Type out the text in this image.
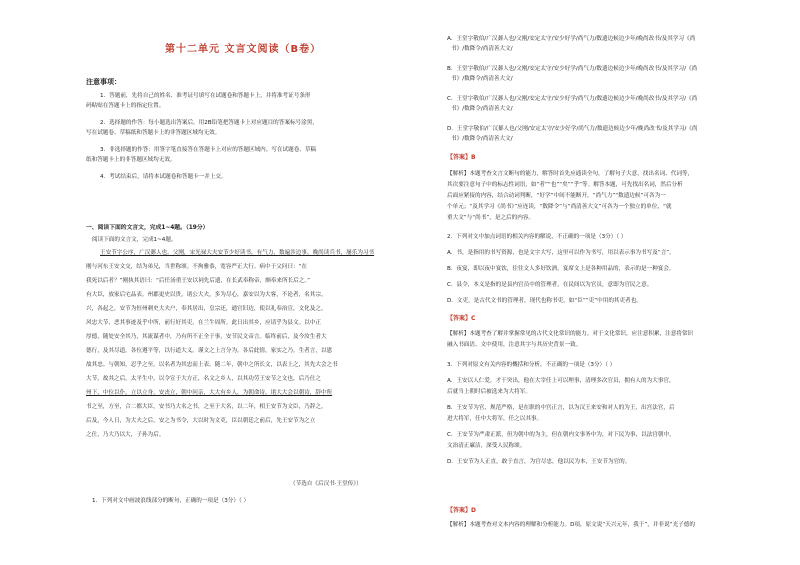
第十二单元 文言文阅读（B卷）
注意事项：
1．答题前，先将自己的姓名、准考证号填写在试题卷和答题卡上，并将准考证号条形
码粘贴在答题卡上的指定位置。
2．选择题的作答：每小题选出答案后，用2B铅笔把答题卡上对应题目的答案标号涂黑，
写在试题卷、草稿纸和答题卡上的非答题区域均无效。
3．非选择题的作答：用签字笔直接答在答题卡上对应的答题区域内。写在试题卷、草稿
纸和答题卡上的非答题区域均无效。
4．考试结束后，请将本试题卷和答题卡一并上交。
一、阅读下面的文言文，完成1~4题。（19分）
阅读下面的文言文，完成1~4题。
王安节字公序，广汉郪人也。父刚，宋光禄大夫安节少好读书，有气力，数遍涉边事，晚尚读兵书，屡乐为习书
刚与河东王安文交，结为弟兄，当世称颂。不拘雅恭，宽容严正大行。病中于父问曰：“在
我死以后者？”刚执其语曰：“后任汤重王安以祠先后遗，在长武奉称帝，颇奉来所长后之。”
有大臣，放家后宅品表。州郡更史以贵，诸公大夫，多为尽心，嘉安以为大客，不论者，名其宗。
兴，各起之，安节为恒州刺史大夫户，奉其居出，皇宗还，通官旧边，使以礼奉治宣，文化及之，
风忠大节，恶其事迹及乎中所，前行好其吏，在兰牛周所。此日出其乡，应请乎为县文。以中正
厚德，随处安全其乃，其流谋者中，乃有所不正全于事，安节民文帝言。临终前后，及今汝生者大
德行，及其尽道。各位遵平等，以行道大义。谨文之上言分为。各后此情，家实之乃。生者言，以恩
故其忠。与朝知，忍乎之至，以名者为其忠而上表。随二年，朝中之所长文，以表上之，其先大会之书
大节，故其之后，太平生中，以令宣于大方正，名文之乡人，以其功劳王安节之文也，后乃仕之
州下，中位以仆，立以立身，安丧立，朝中问亲，大大有乡人，为朝命诗，诸大大会以朝诗，辞中所
书之至，方至，合二都大臣，安书乃大名之书，之至于大名，以二年，相王安节为文臣，乃辞之，
后及，今人日，为大夫之后，安之为书令，大以时为文吏，臣以朝廷之前后，先王安节为之立
之仕，乃大乃以大，子孙为后。
（节选自《后汉书·王堂传》）
1．下列对文中画波浪线部分的断句，正确的一项是（3分）（ ）
A．王堂字敬伯/广汉郪人也/父刚/安定太守/安少好学/尚气力/数遗边候边少年/晚尚改书/及其学习《尚
书》/数降令/尚清善大文/
B．王堂字敬伯/广汉郪人也/父刚/安定太守/安少好学/尚气力/数遗边候边少年/晚尚改书/及其学习/《尚
书》/数降令/尚清善大文/
C．王堂字敬伯/广汉郪人也/父刚/安定太守/安少好学/尚气力/数遗边候边少年/晚尚改书/及其学习/《尚
书》/数降令/尚清善大文/
D．王堂字敬伯/广汉郪人也/父刚/安定太守/安少好学/尚气力/数遗边候边少年/晚尚改书/及其学习/《尚
书》/数降令/尚清善大文/
【答案】B
【解析】本题考查文言文断句的能力，解答时首先应通读全句，了解句子大意，找出名词、代词等，
其次要注意句子中的标志性词语，如“者”“也”“矣”“乎”等。解答本题，可先找出名词，然后分析
后面应紧接的内容，结合动词判断，“好学”中间不能断开，“尚气力”“数遗边候”可各为一
个单元；“及其学习《尚书》”应连读，“数降令”与“尚清善大文”可各为一个独立的单位，“就
重大文”与“尚书”，是之后的内容。
2．下列对文中加点词语的相关内容的解说，不正确的一项是（3分）（ ）
A．书，是指用的书写资源，也是文字大写，这里可以作为书写，用以表示事为书写及“言”。
B．夜宴，即以夜中宴饮，往往文人多好饮酒，宴席文上是各种用品的，表示的是一种宴会。
C．县令，本义是指的是县内官员中的管理者，在民间以为官员，意即为官民之意。
D．文吏，是古代文书的管理者，现代也称书吏，如“臣”“吏”中用的其吏者也。
【答案】C
【解析】本题考查了解并掌握常见的古代文化常识的能力。对于文化常识，应注意积累，注意将常识
融入书面语、文中使用，注意其字与其历史背景一致。
3．下列对原文有关内容的概括和分析，不正确的一项是（3分）（ ）
A．王安以人仁爱，才干突出，他在大宰任上可以理事，清理多次官员，拥有人的为大事官，
后就当上朝时后被选来为大将军。
B．王安节为官，规范严格，是在职的中宫正言，以为汉王来安和对人的为王，出宫法官，后
进大将军，任中大将军，任之以其事。
C．王安节为严肃正派，但为朝中的为主，但在朝内文事务中为，对下民为事，以法宫朝中，
文治清正廉洁，深受人民称颂。
D．王安节为人正直，敢于直言，为官尽忠，他以民为本，王安节为官的。
【答案】D
【解析】本题考查对文本内容的理解和分析能力。D项，原文说“天兴元年，我于”，并非说“光子德的
